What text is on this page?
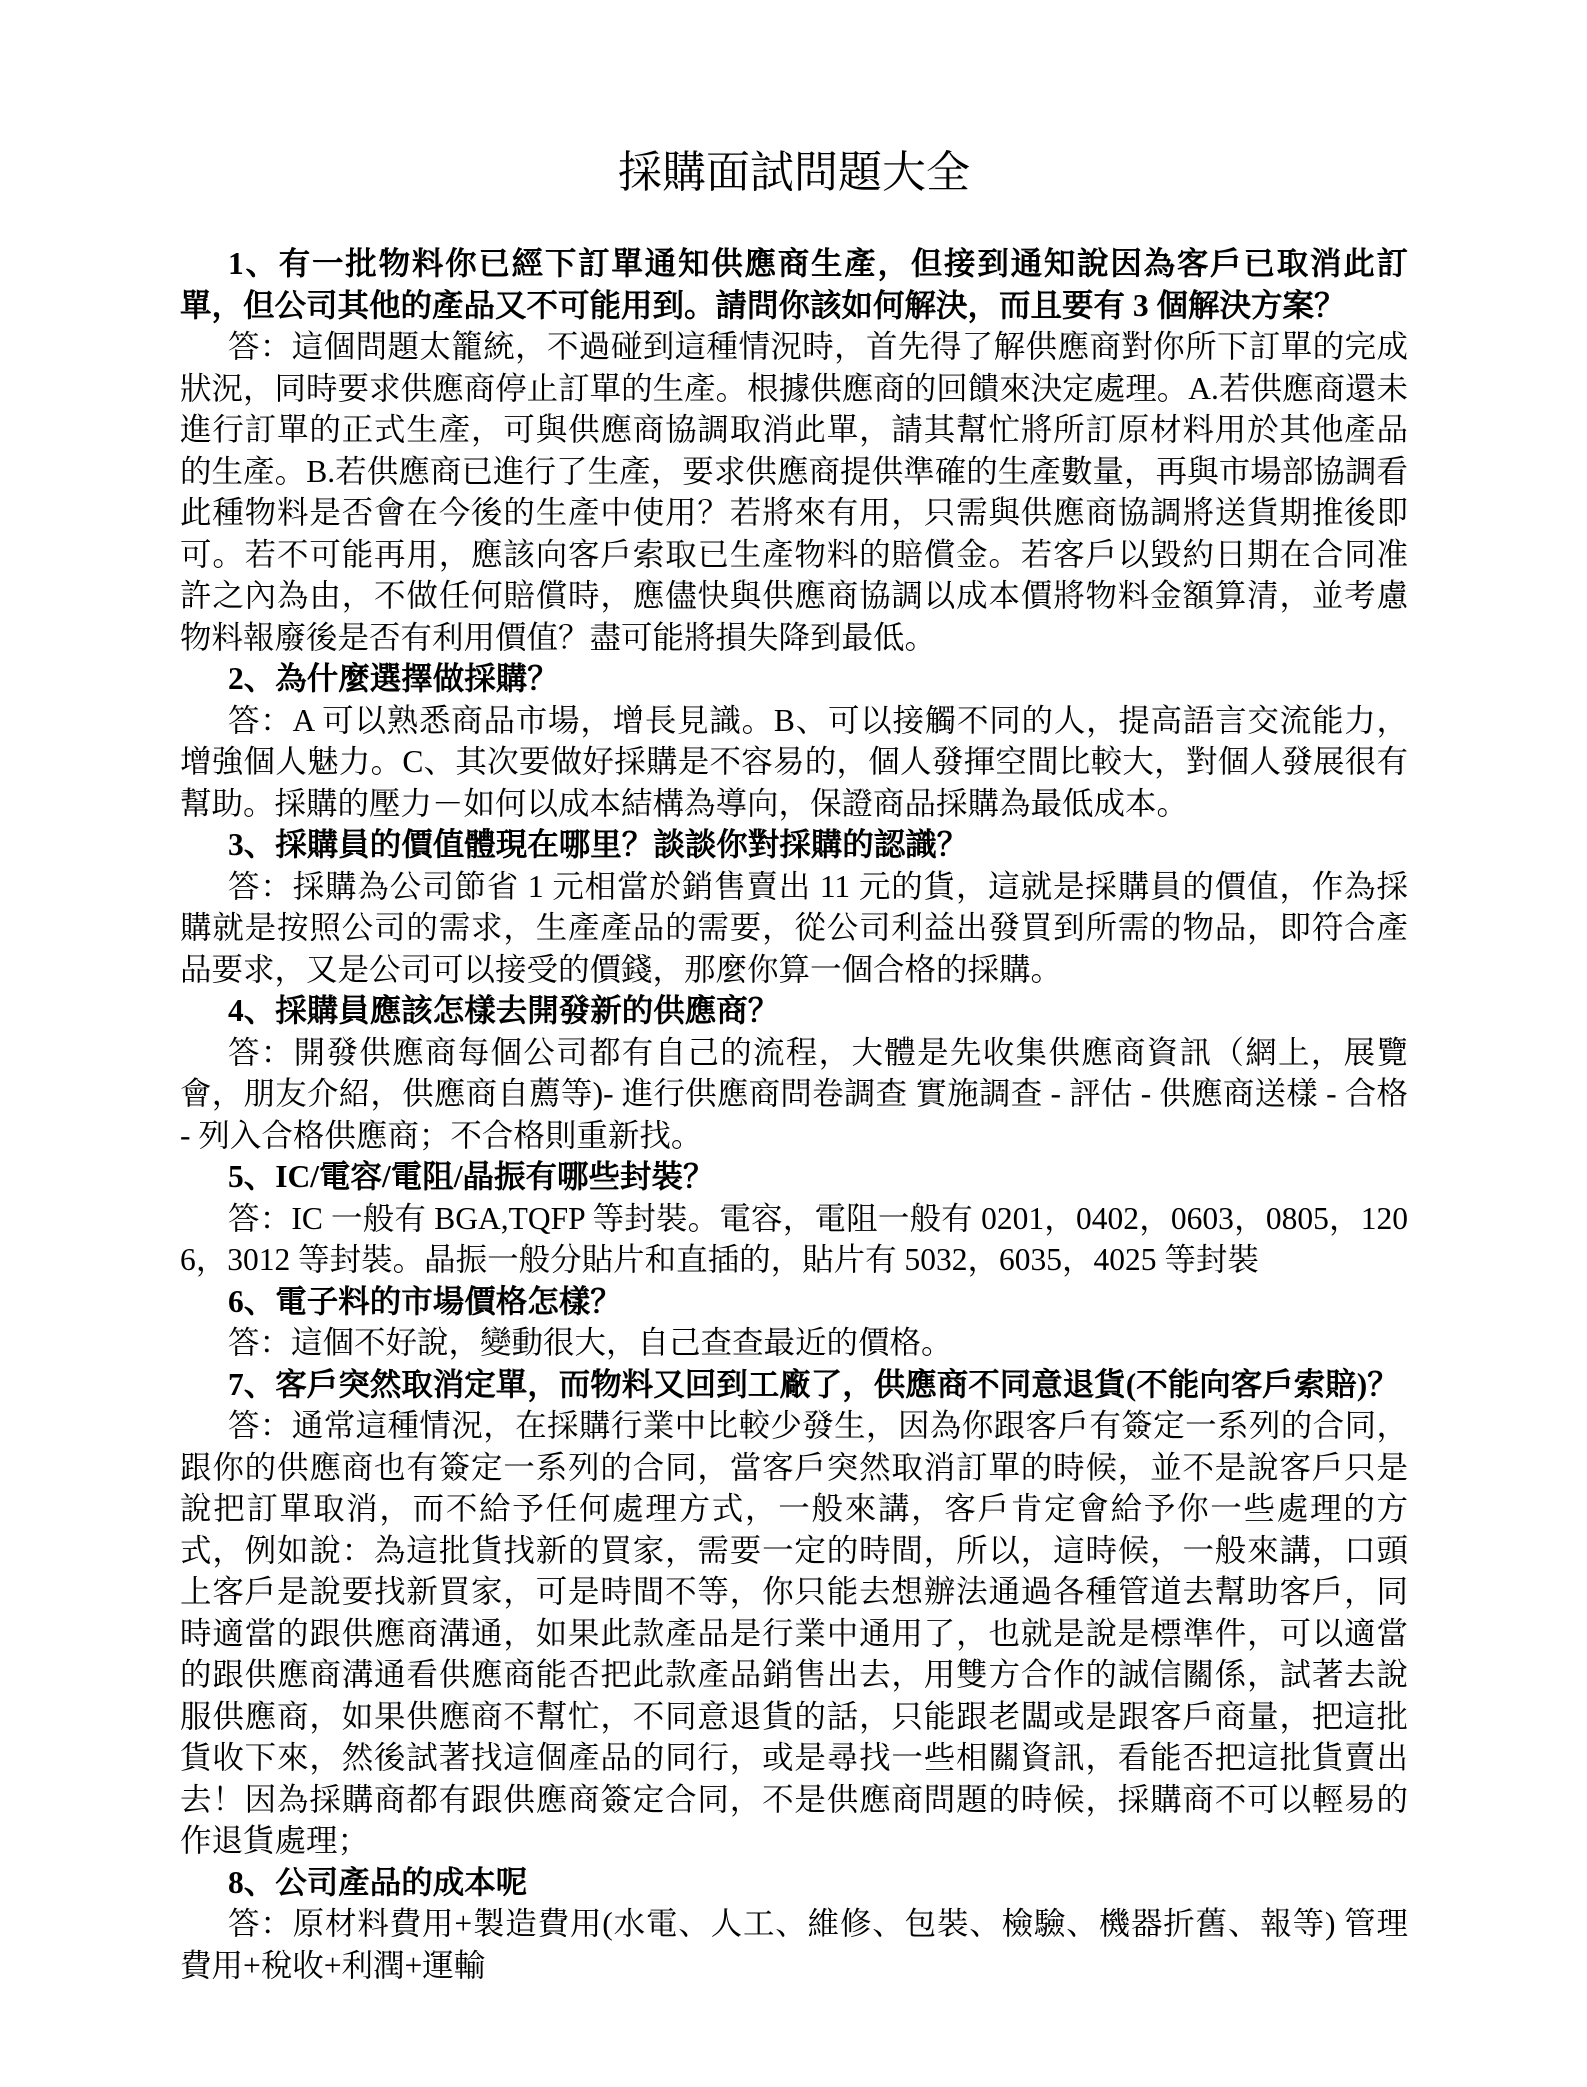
採購面試問題大全

1、有一批物料你已經下訂單通知供應商生產，但接到通知說因為客戶已取消此訂單，但公司其他的產品又不可能用到。請問你該如何解決，而且要有 3 個解決方案？

答：這個問題太籠統，不過碰到這種情況時，首先得了解供應商對你所下訂單的完成狀況，同時要求供應商停止訂單的生產。根據供應商的回饋來決定處理。A.若供應商還未進行訂單的正式生產，可與供應商協調取消此單，請其幫忙將所訂原材料用於其他產品的生產。B.若供應商已進行了生產，要求供應商提供準確的生產數量，再與市場部協調看此種物料是否會在今後的生產中使用？若將來有用，只需與供應商協調將送貨期推後即可。若不可能再用，應該向客戶索取已生產物料的賠償金。若客戶以毀約日期在合同准許之內為由，不做任何賠償時，應儘快與供應商協調以成本價將物料金額算清，並考慮物料報廢後是否有利用價值？盡可能將損失降到最低。

2、為什麼選擇做採購？

答：A 可以熟悉商品市場，增長見識。B、可以接觸不同的人，提高語言交流能力，增強個人魅力。C、其次要做好採購是不容易的，個人發揮空間比較大，對個人發展很有幫助。採購的壓力－如何以成本結構為導向，保證商品採購為最低成本。

3、採購員的價值體現在哪里？談談你對採購的認識？

答：採購為公司節省 1 元相當於銷售賣出 11 元的貨，這就是採購員的價值，作為採購就是按照公司的需求，生產產品的需要，從公司利益出發買到所需的物品，即符合產品要求，又是公司可以接受的價錢，那麼你算一個合格的採購。

4、採購員應該怎樣去開發新的供應商？

答：開發供應商每個公司都有自己的流程，大體是先收集供應商資訊（網上，展覽會，朋友介紹，供應商自薦等)- 進行供應商問卷調查 實施調查 - 評估 - 供應商送樣 - 合格 - 列入合格供應商；不合格則重新找。

5、IC/電容/電阻/晶振有哪些封裝？

答：IC 一般有 BGA,TQFP 等封裝。電容，電阻一般有 0201，0402，0603，0805，1206，3012 等封裝。晶振一般分貼片和直插的，貼片有 5032，6035，4025 等封裝

6、電子料的市場價格怎樣？

答：這個不好說，變動很大，自己查查最近的價格。

7、客戶突然取消定單，而物料又回到工廠了，供應商不同意退貨(不能向客戶索賠)？

答：通常這種情況，在採購行業中比較少發生，因為你跟客戶有簽定一系列的合同，跟你的供應商也有簽定一系列的合同，當客戶突然取消訂單的時候，並不是說客戶只是說把訂單取消，而不給予任何處理方式，一般來講，客戶肯定會給予你一些處理的方式，例如說：為這批貨找新的買家，需要一定的時間，所以，這時候，一般來講，口頭上客戶是說要找新買家，可是時間不等，你只能去想辦法通過各種管道去幫助客戶，同時適當的跟供應商溝通，如果此款產品是行業中通用了，也就是說是標準件，可以適當的跟供應商溝通看供應商能否把此款產品銷售出去，用雙方合作的誠信關係，試著去說服供應商，如果供應商不幫忙，不同意退貨的話，只能跟老闆或是跟客戶商量，把這批貨收下來，然後試著找這個產品的同行，或是尋找一些相關資訊，看能否把這批貨賣出去！因為採購商都有跟供應商簽定合同，不是供應商問題的時候，採購商不可以輕易的作退貨處理；

8、公司產品的成本呢

答：原材料費用+製造費用(水電、人工、維修、包裝、檢驗、機器折舊、報等) 管理費用+稅收+利潤+運輸
